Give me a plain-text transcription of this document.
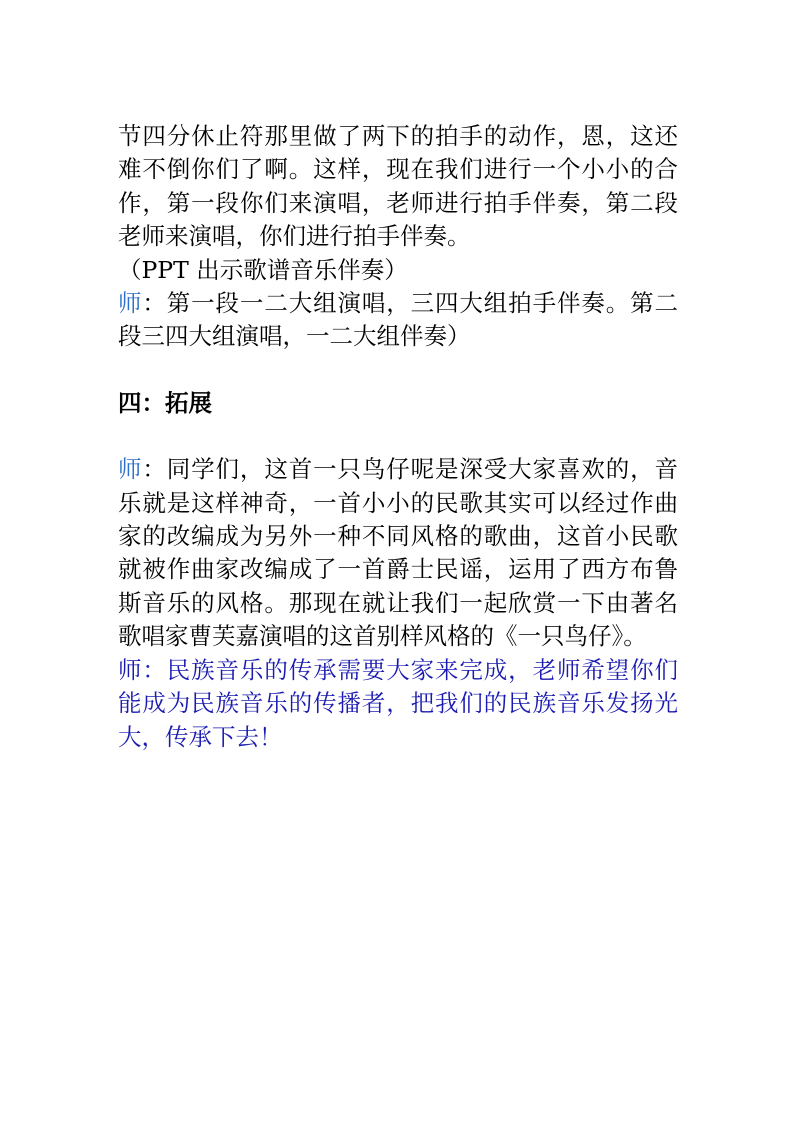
节四分休止符那里做了两下的拍手的动作，恩，这还难不倒你们了啊。这样，现在我们进行一个小小的合作，第一段你们来演唱，老师进行拍手伴奏，第二段老师来演唱，你们进行拍手伴奏。

（PPT 出示歌谱音乐伴奏）

师：第一段一二大组演唱，三四大组拍手伴奏。第二段三四大组演唱，一二大组伴奏）

四：拓展

师：同学们，这首一只鸟仔呢是深受大家喜欢的，音乐就是这样神奇，一首小小的民歌其实可以经过作曲家的改编成为另外一种不同风格的歌曲，这首小民歌就被作曲家改编成了一首爵士民谣，运用了西方布鲁斯音乐的风格。那现在就让我们一起欣赏一下由著名歌唱家曹芙嘉演唱的这首别样风格的《一只鸟仔》。

师：民族音乐的传承需要大家来完成，老师希望你们能成为民族音乐的传播者，把我们的民族音乐发扬光大，传承下去！
